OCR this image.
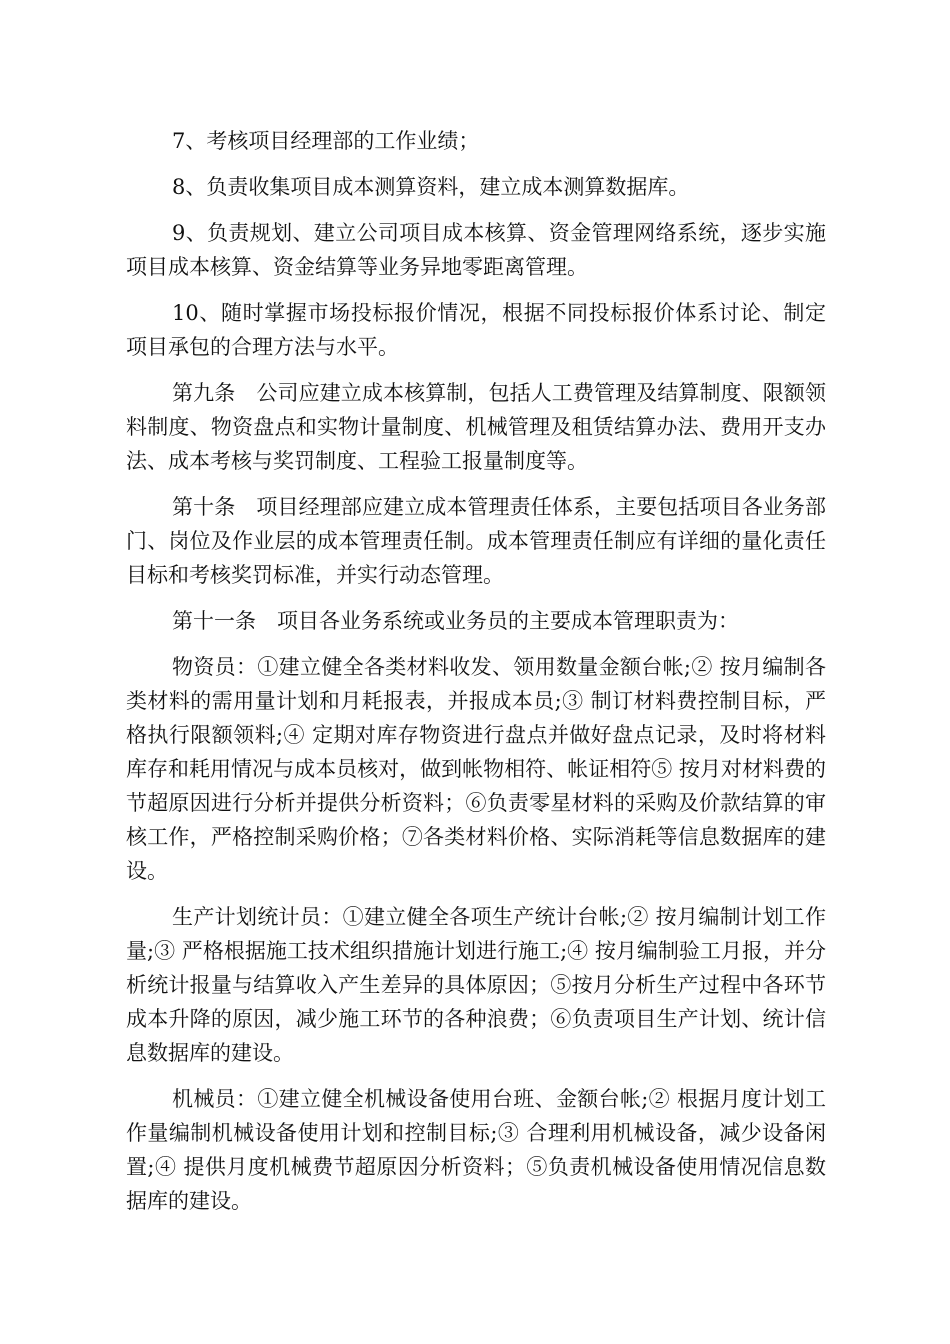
7、考核项目经理部的工作业绩；

8、负责收集项目成本测算资料，建立成本测算数据库。

9、负责规划、建立公司项目成本核算、资金管理网络系统，逐步实施项目成本核算、资金结算等业务异地零距离管理。

10、随时掌握市场投标报价情况，根据不同投标报价体系讨论、制定项目承包的合理方法与水平。

第九条　公司应建立成本核算制，包括人工费管理及结算制度、限额领料制度、物资盘点和实物计量制度、机械管理及租赁结算办法、费用开支办法、成本考核与奖罚制度、工程验工报量制度等。

第十条　项目经理部应建立成本管理责任体系，主要包括项目各业务部门、岗位及作业层的成本管理责任制。成本管理责任制应有详细的量化责任目标和考核奖罚标准，并实行动态管理。

第十一条　项目各业务系统或业务员的主要成本管理职责为：

物资员：①建立健全各类材料收发、领用数量金额台帐;② 按月编制各类材料的需用量计划和月耗报表，并报成本员;③ 制订材料费控制目标，严格执行限额领料;④ 定期对库存物资进行盘点并做好盘点记录，及时将材料库存和耗用情况与成本员核对，做到帐物相符、帐证相符⑤ 按月对材料费的节超原因进行分析并提供分析资料；⑥负责零星材料的采购及价款结算的审核工作，严格控制采购价格；⑦各类材料价格、实际消耗等信息数据库的建设。

生产计划统计员：①建立健全各项生产统计台帐;② 按月编制计划工作量;③ 严格根据施工技术组织措施计划进行施工;④ 按月编制验工月报，并分析统计报量与结算收入产生差异的具体原因；⑤按月分析生产过程中各环节成本升降的原因，减少施工环节的各种浪费；⑥负责项目生产计划、统计信息数据库的建设。

机械员：①建立健全机械设备使用台班、金额台帐;② 根据月度计划工作量编制机械设备使用计划和控制目标;③ 合理利用机械设备，减少设备闲置;④ 提供月度机械费节超原因分析资料；⑤负责机械设备使用情况信息数据库的建设。
